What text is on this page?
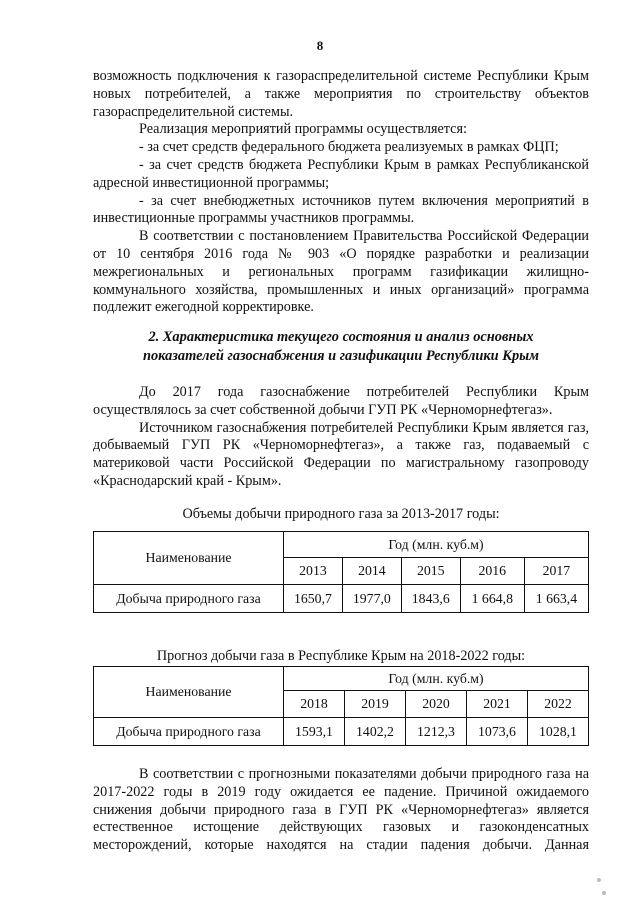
8

возможность подключения к газораспределительной системе Республики Крым новых потребителей, а также мероприятия по строительству объектов газораспределительной системы.

Реализация мероприятий программы осуществляется:

- за счет средств федерального бюджета реализуемых в рамках ФЦП;

- за счет средств бюджета Республики Крым в рамках Республиканской адресной инвестиционной программы;

- за счет внебюджетных источников путем включения мероприятий в инвестиционные программы участников программы.

В соответствии с постановлением Правительства Российской Федерации от 10 сентября 2016 года № 903 «О порядке разработки и реализации межрегиональных и региональных программ газификации жилищно-коммунального хозяйства, промышленных и иных организаций» программа подлежит ежегодной корректировке.

2. Характеристика текущего состояния и анализ основных
показателей газоснабжения и газификации Республики Крым

До 2017 года газоснабжение потребителей Республики Крым осуществлялось за счет собственной добычи ГУП РК «Черноморнефтегаз».

Источником газоснабжения потребителей Республики Крым является газ, добываемый ГУП РК «Черноморнефтегаз», а также газ, подаваемый с материковой части Российской Федерации по магистральному газопроводу «Краснодарский край - Крым».

Объемы добычи природного газа за 2013-2017 годы:
Наименование	Год (млн. куб.м)				
	2013	2014	2015	2016	2017
Добыча природного газа	1650,7	1977,0	1843,6	1 664,8	1 663,4
Прогноз добычи газа в Республике Крым на 2018-2022 годы:
Наименование	Год (млн. куб.м)				
	2018	2019	2020	2021	2022
Добыча природного газа	1593,1	1402,2	1212,3	1073,6	1028,1

В соответствии с прогнозными показателями добычи природного газа на 2017-2022 годы в 2019 году ожидается ее падение. Причиной ожидаемого снижения добычи природного газа в ГУП РК «Черноморнефтегаз» является естественное истощение действующих газовых и газоконденсатных месторождений, которые находятся на стадии падения добычи. Данная
